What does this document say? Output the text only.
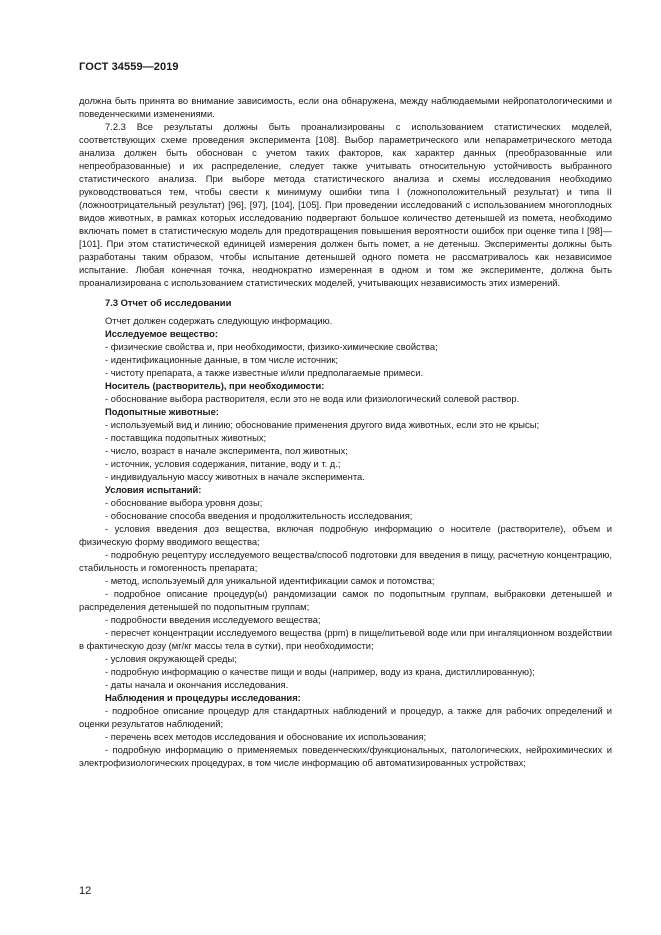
ГОСТ 34559—2019

должна быть принята во внимание зависимость, если она обнаружена, между наблюдаемыми нейропатологическими и поведенческими изменениями.

7.2.3 Все результаты должны быть проанализированы с использованием статистических моделей, соответствующих схеме проведения эксперимента [108]. Выбор параметрического или непараметрического метода анализа должен быть обоснован с учетом таких факторов, как характер данных (преобразованные или непреобразованные) и их распределение, следует также учитывать относительную устойчивость выбранного статистического анализа. При выборе метода статистического анализа и схемы исследования необходимо руководствоваться тем, чтобы свести к минимуму ошибки типа I (ложноположительный результат) и типа II (ложноотрицательный результат) [96], [97], [104], [105]. При проведении исследований с использованием многоплодных видов животных, в рамках которых исследованию подвергают большое количество детенышей из помета, необходимо включать помет в статистическую модель для предотвращения повышения вероятности ошибок при оценке типа I [98]—[101]. При этом статистической единицей измерения должен быть помет, а не детеныш. Эксперименты должны быть разработаны таким образом, чтобы испытание детенышей одного помета не рассматривалось как независимое испытание. Любая конечная точка, неоднократно измеренная в одном и том же эксперименте, должна быть проанализирована с использованием статистических моделей, учитывающих независимость этих измерений.

7.3 Отчет об исследовании

Отчет должен содержать следующую информацию.

Исследуемое вещество:

- физические свойства и, при необходимости, физико-химические свойства;

- идентификационные данные, в том числе источник;

- чистоту препарата, а также известные и/или предполагаемые примеси.

Носитель (растворитель), при необходимости:

- обоснование выбора растворителя, если это не вода или физиологический солевой раствор.

Подопытные животные:

- используемый вид и линию; обоснование применения другого вида животных, если это не крысы;

- поставщика подопытных животных;

- число, возраст в начале эксперимента, пол животных;

- источник, условия содержания, питание, воду и т. д.;

- индивидуальную массу животных в начале эксперимента.

Условия испытаний:

- обоснование выбора уровня дозы;

- обоснование способа введения и продолжительность исследования;

- условия введения доз вещества, включая подробную информацию о носителе (растворителе), объем и физическую форму вводимого вещества;

- подробную рецептуру исследуемого вещества/способ подготовки для введения в пищу, расчетную концентрацию, стабильность и гомогенность препарата;

- метод, используемый для уникальной идентификации самок и потомства;

- подробное описание процедур(ы) рандомизации самок по подопытным группам, выбраковки детенышей и распределения детенышей по подопытным группам;

- подробности введения исследуемого вещества;

- пересчет концентрации исследуемого вещества (ppm) в пище/питьевой воде или при ингаляционном воздействии в фактическую дозу (мг/кг массы тела в сутки), при необходимости;

- условия окружающей среды;

- подробную информацию о качестве пищи и воды (например, воду из крана, дистиллированную);

- даты начала и окончания исследования.

Наблюдения и процедуры исследования:

- подробное описание процедур для стандартных наблюдений и процедур, а также для рабочих определений и оценки результатов наблюдений;

- перечень всех методов исследования и обоснование их использования;

- подробную информацию о применяемых поведенческих/функциональных, патологических, нейрохимических и электрофизиологических процедурах, в том числе информацию об автоматизированных устройствах;

12
